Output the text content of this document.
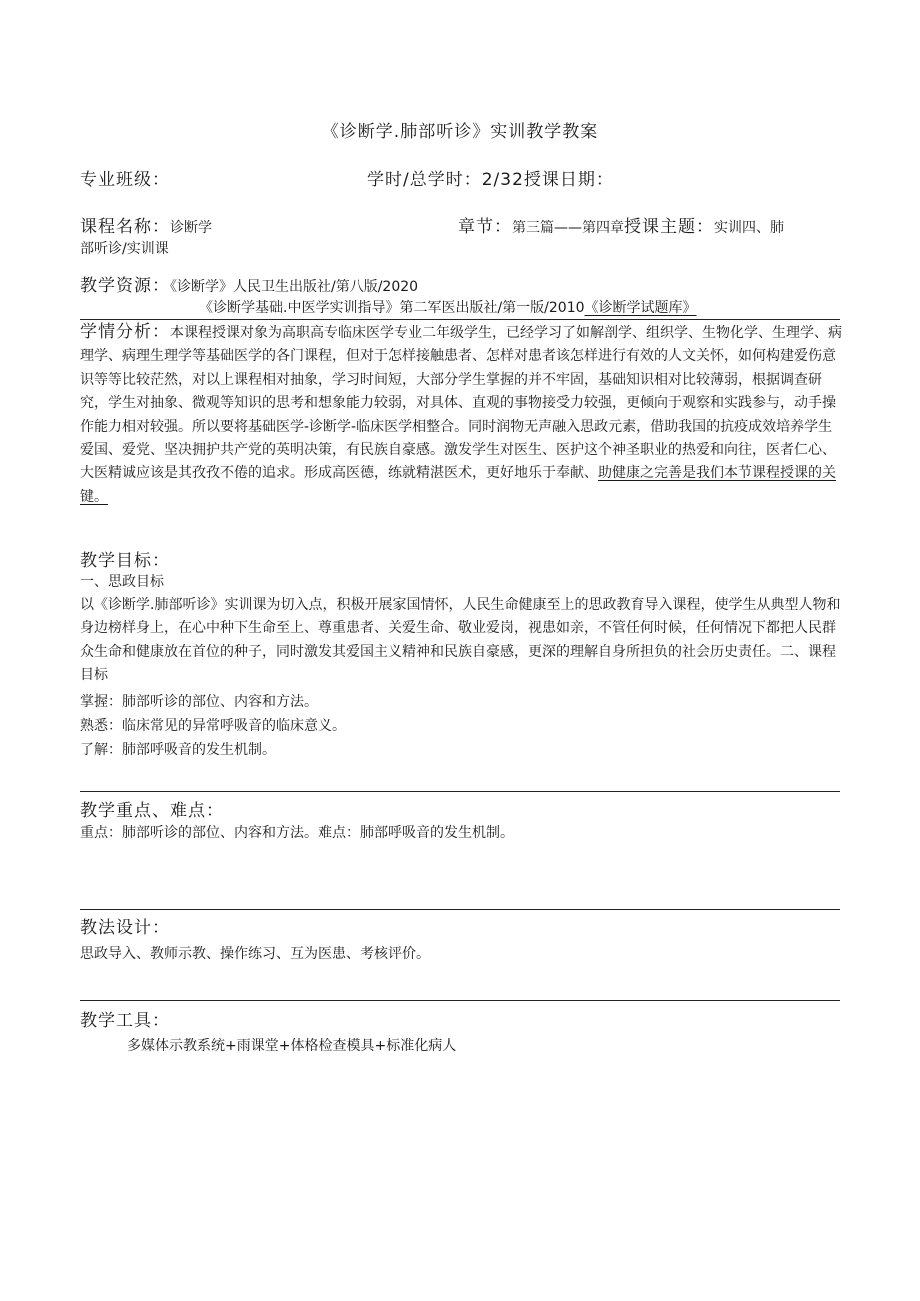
《诊断学.肺部听诊》实训教学教案
专业班级：	学时/总学时：2/32授课日期：
课程名称：诊断学	章节：第三篇——第四章授课主题：实训四、肺
部听诊/实训课
教学资源：《诊断学》人民卫生出版社/第八版/2020
《诊断学基础.中医学实训指导》第二军医出版社/第一版/2010《诊断学试题库》
学情分析：本课程授课对象为高职高专临床医学专业二年级学生，已经学习了如解剖学、组织学、生物化学、生理学、病理学、病理生理学等基础医学的各门课程，但对于怎样接触患者、怎样对患者该怎样进行有效的人文关怀，如何构建爱伤意识等等比较茫然，对以上课程相对抽象，学习时间短，大部分学生掌握的并不牢固，基础知识相对比较薄弱，根据调查研究，学生对抽象、微观等知识的思考和想象能力较弱，对具体、直观的事物接受力较强，更倾向于观察和实践参与，动手操作能力相对较强。所以要将基础医学-诊断学-临床医学相整合。同时润物无声融入思政元素，借助我国的抗疫成效培养学生爱国、爱党、坚决拥护共产党的英明决策，有民族自豪感。激发学生对医生、医护这个神圣职业的热爱和向往，医者仁心、大医精诚应该是其孜孜不倦的追求。形成高医德，练就精湛医术，更好地乐于奉献、助健康之完善是我们本节课程授课的关键。
教学目标：
一、思政目标
以《诊断学.肺部听诊》实训课为切入点，积极开展家国情怀，人民生命健康至上的思政教育导入课程，使学生从典型人物和身边榜样身上，在心中种下生命至上、尊重患者、关爱生命、敬业爱岗，视患如亲，不管任何时候，任何情况下都把人民群众生命和健康放在首位的种子，同时激发其爱国主义精神和民族自豪感，更深的理解自身所担负的社会历史责任。二、课程目标
掌握：肺部听诊的部位、内容和方法。
熟悉：临床常见的异常呼吸音的临床意义。
了解：肺部呼吸音的发生机制。
教学重点、难点：
重点：肺部听诊的部位、内容和方法。难点：肺部呼吸音的发生机制。
教法设计：
思政导入、教师示教、操作练习、互为医患、考核评价。
教学工具：
多媒体示教系统+雨课堂+体格检查模具+标准化病人
